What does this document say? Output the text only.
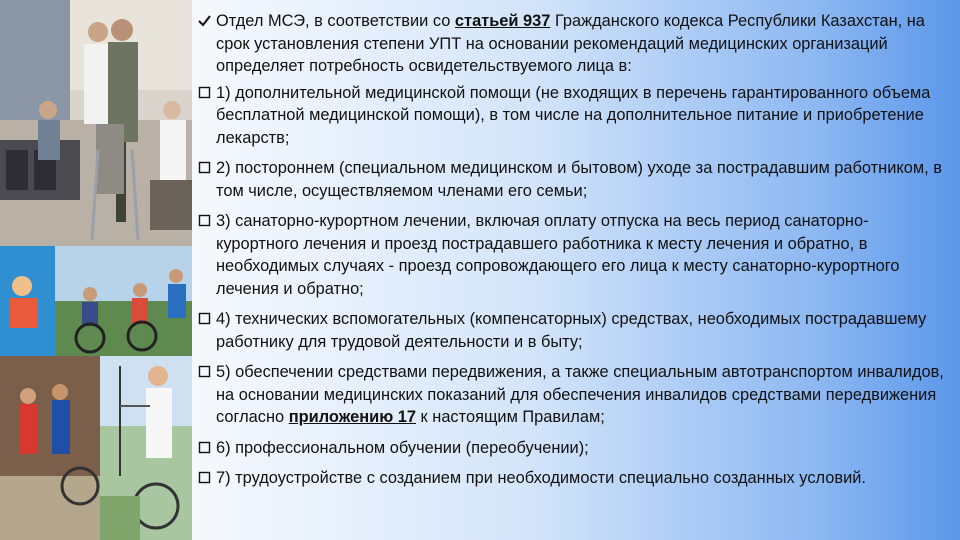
Отдел МСЭ, в соответствии со статьей 937 Гражданского кодекса Республики Казахстан, на срок установления степени УПТ на основании рекомендаций медицинских организаций определяет потребность освидетельствуемого лица в:
1) дополнительной медицинской помощи (не входящих в перечень гарантированного объема бесплатной медицинской помощи), в том числе на дополнительное питание и приобретение лекарств;
2) постороннем (специальном медицинском и бытовом) уходе за пострадавшим работником, в том числе, осуществляемом членами его семьи;
3) санаторно-курортном лечении, включая оплату отпуска на весь период санаторно-курортного лечения и проезд пострадавшего работника к месту лечения и обратно, в необходимых случаях - проезд сопровождающего его лица к месту санаторно-курортного лечения и обратно;
4) технических вспомогательных (компенсаторных) средствах, необходимых пострадавшему работнику для трудовой деятельности и в быту;
5) обеспечении средствами передвижения, а также специальным автотранспортом инвалидов, на основании медицинских показаний для обеспечения инвалидов средствами передвижения согласно приложению 17 к настоящим Правилам;
6) профессиональном обучении (переобучении);
7) трудоустройстве с созданием при необходимости специально созданных условий.
